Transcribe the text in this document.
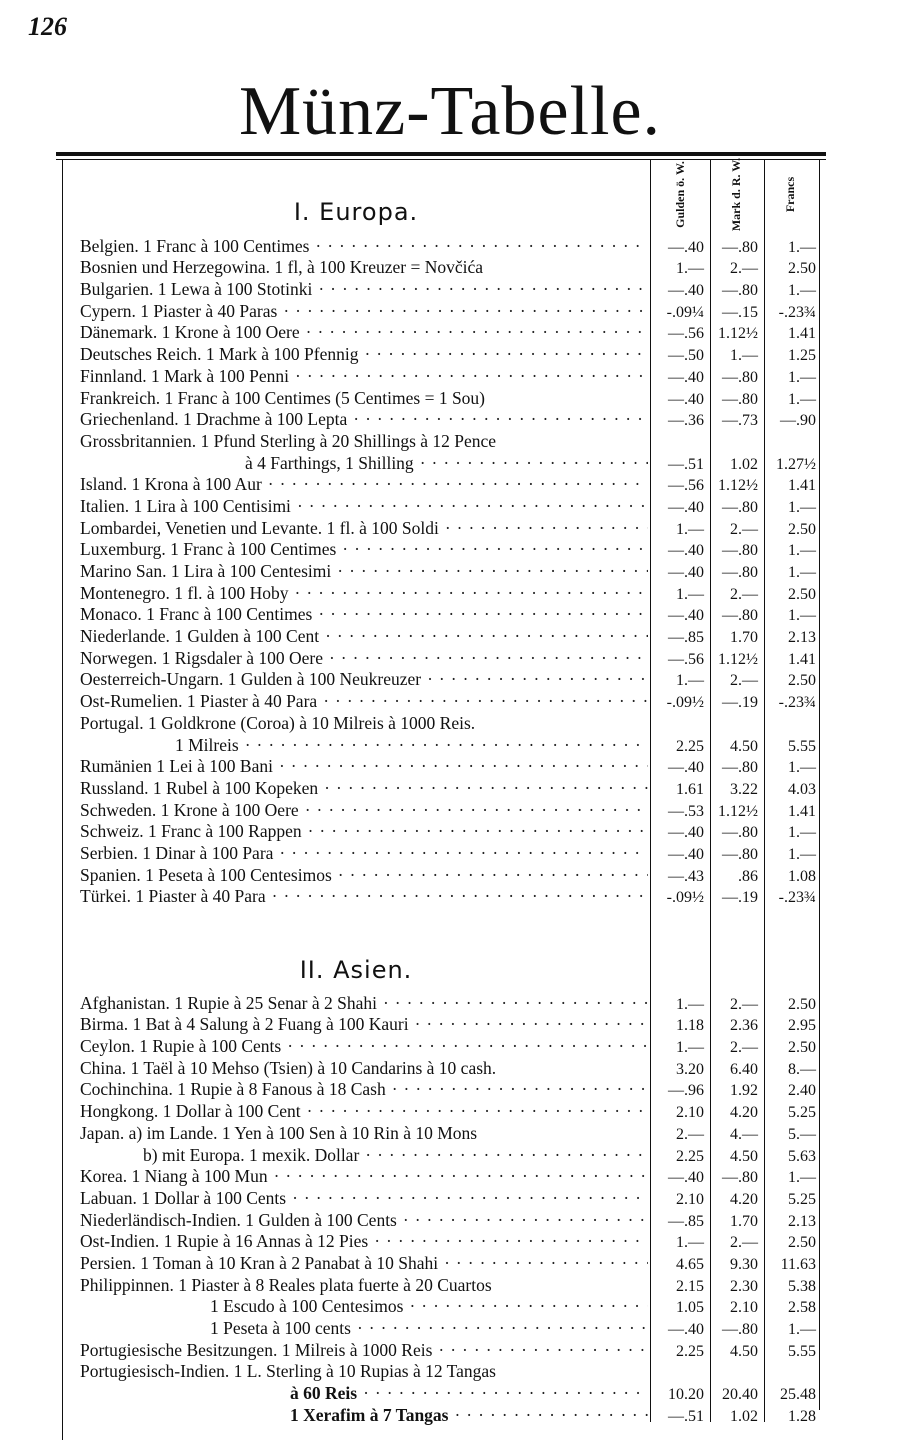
126
Münz-Tabelle.
Gulden ö. W.	Mark d. R. W.	Francs
I. Europa.
Belgien. 1 Franc à 100 Centimes ·····	—.40	—.80	1.—
Bosnien und Herzegowina. 1 fl, à 100 Kreuzer = Novčića	1.—	2.—	2.50
Bulgarien. 1 Lewa à 100 Stotinki ·····	—.40	—.80	1.—
Cypern. 1 Piaster à 40 Paras ·····	-.09¼	—.15	-.23¾
Dänemark. 1 Krone à 100 Oere ·····	—.56 1.12½	1.41
Deutsches Reich. 1 Mark à 100 Pfennig ·····	—.50	1.—	1.25
Finnland. 1 Mark à 100 Penni ·····	—.40	—.80	1.—
Frankreich. 1 Franc à 100 Centimes (5 Centimes = 1 Sou)	—.40	—.80	1.—
Griechenland. 1 Drachme à 100 Lepta ·····	—.36	—.73	—.90
Grossbritannien. 1 Pfund Sterling à 20 Shillings à 12 Pence
à 4 Farthings, 1 Shilling ·····	—.51	1.02	1.27½
Island. 1 Krona à 100 Aur ·····	—.56 1.12½	1.41
Italien. 1 Lira à 100 Centisimi ·····	—.40	—.80	1.—
Lombardei, Venetien und Levante. 1 fl. à 100 Soldi ·····	1.—	2.—	2.50
Luxemburg. 1 Franc à 100 Centimes ·····	—.40	—.80	1.—
Marino San. 1 Lira à 100 Centesimi ·····	—.40	—.80	1.—
Montenegro. 1 fl. à 100 Hoby ·····	1.—	2.—	2.50
Monaco. 1 Franc à 100 Centimes ·····	—.40	—.80	1.—
Niederlande. 1 Gulden à 100 Cent ·····	—.85	1.70	2.13
Norwegen. 1 Rigsdaler à 100 Oere ·····	—.56 1.12½	1.41
Oesterreich-Ungarn. 1 Gulden à 100 Neukreuzer ·····	1.—	2.—	2.50
Ost-Rumelien. 1 Piaster à 40 Para ·····	-.09½	—.19	-.23¾
Portugal. 1 Goldkrone (Coroa) à 10 Milreis à 1000 Reis.
1 Milreis ·····	2.25	4.50	5.55
Rumänien 1 Lei à 100 Bani ·····	—.40	—.80	1.—
Russland. 1 Rubel à 100 Kopeken ·····	1.61	3.22	4.03
Schweden. 1 Krone à 100 Oere ·····	—.53 1.12½	1.41
Schweiz. 1 Franc à 100 Rappen ·····	—.40	—.80	1.—
Serbien. 1 Dinar à 100 Para ·····	—.40	—.80	1.—
Spanien. 1 Peseta à 100 Centesimos ·····	—.43	.86	1.08
Türkei. 1 Piaster à 40 Para ·····	-.09½	—.19	-.23¾
II. Asien.
Afghanistan. 1 Rupie à 25 Senar à 2 Shahi ·····	1.—	2.—	2.50
Birma. 1 Bat à 4 Salung à 2 Fuang à 100 Kauri ·····	1.18	2.36	2.95
Ceylon. 1 Rupie à 100 Cents ·····	1.—	2.—	2.50
China. 1 Taël à 10 Mehso (Tsien) à 10 Candarins à 10 cash.	3.20	6.40	8.—
Cochinchina. 1 Rupie à 8 Fanous à 18 Cash ·····	—.96	1.92	2.40
Hongkong. 1 Dollar à 100 Cent ·····	2.10	4.20	5.25
Japan. a) im Lande. 1 Yen à 100 Sen à 10 Rin à 10 Mons	2.—	4.—	5.—
b) mit Europa. 1 mexik. Dollar ·····	2.25	4.50	5.63
Korea. 1 Niang à 100 Mun ·····	—.40	—.80	1.—
Labuan. 1 Dollar à 100 Cents ·····	2.10	4.20	5.25
Niederländisch-Indien. 1 Gulden à 100 Cents ·····	—.85	1.70	2.13
Ost-Indien. 1 Rupie à 16 Annas à 12 Pies ·····	1.—	2.—	2.50
Persien. 1 Toman à 10 Kran à 2 Panabat à 10 Shahi ·····	4.65	9.30	11.63
Philippinnen. 1 Piaster à 8 Reales plata fuerte à 20 Cuartos	2.15	2.30	5.38
1 Escudo à 100 Centesimos ·····	1.05	2.10	2.58
1 Peseta à 100 cents ·····	—.40	—.80	1.—
Portugiesische Besitzungen. 1 Milreis à 1000 Reis ·····	2.25	4.50	5.55
Portugiesisch-Indien. 1 L. Sterling à 10 Rupias à 12 Tangas
à 60 Reis ·····	10.20	20.40	25.48
1 Xerafim à 7 Tangas ·····	—.51	1.02	1.28
